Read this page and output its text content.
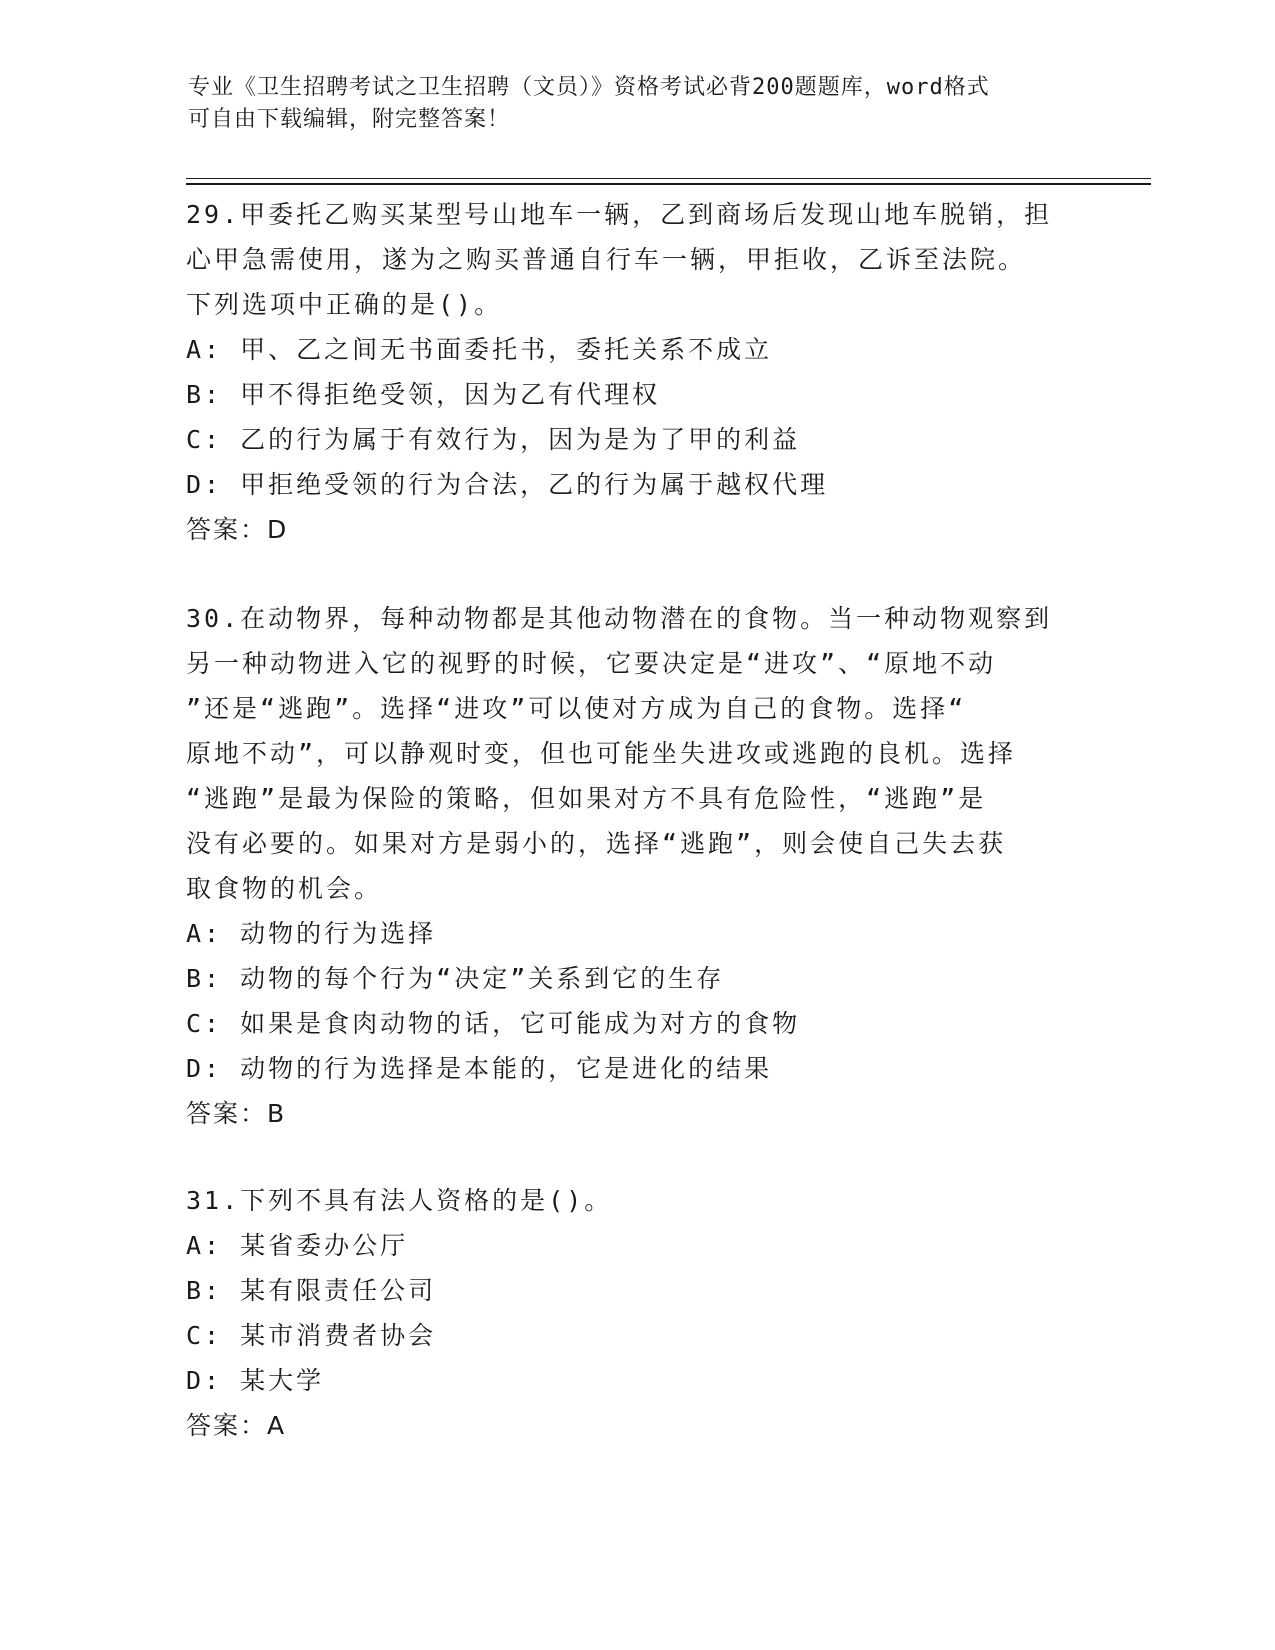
专业《卫生招聘考试之卫生招聘（文员）》资格考试必背200题题库，word格式
可自由下载编辑，附完整答案！
29.甲委托乙购买某型号山地车一辆，乙到商场后发现山地车脱销，担
心甲急需使用，遂为之购买普通自行车一辆，甲拒收，乙诉至法院。
下列选项中正确的是()。
A: 甲、乙之间无书面委托书，委托关系不成立
B: 甲不得拒绝受领，因为乙有代理权
C: 乙的行为属于有效行为，因为是为了甲的利益
D: 甲拒绝受领的行为合法，乙的行为属于越权代理
答案：D
30.在动物界，每种动物都是其他动物潜在的食物。当一种动物观察到
另一种动物进入它的视野的时候，它要决定是“进攻”、“原地不动
”还是“逃跑”。选择“进攻”可以使对方成为自己的食物。选择“
原地不动”，可以静观时变，但也可能坐失进攻或逃跑的良机。选择
“逃跑”是最为保险的策略，但如果对方不具有危险性，“逃跑”是
没有必要的。如果对方是弱小的，选择“逃跑”，则会使自己失去获
取食物的机会。
A: 动物的行为选择
B: 动物的每个行为“决定”关系到它的生存
C: 如果是食肉动物的话，它可能成为对方的食物
D: 动物的行为选择是本能的，它是进化的结果
答案：B
31.下列不具有法人资格的是()。
A: 某省委办公厅
B: 某有限责任公司
C: 某市消费者协会
D: 某大学
答案：A
